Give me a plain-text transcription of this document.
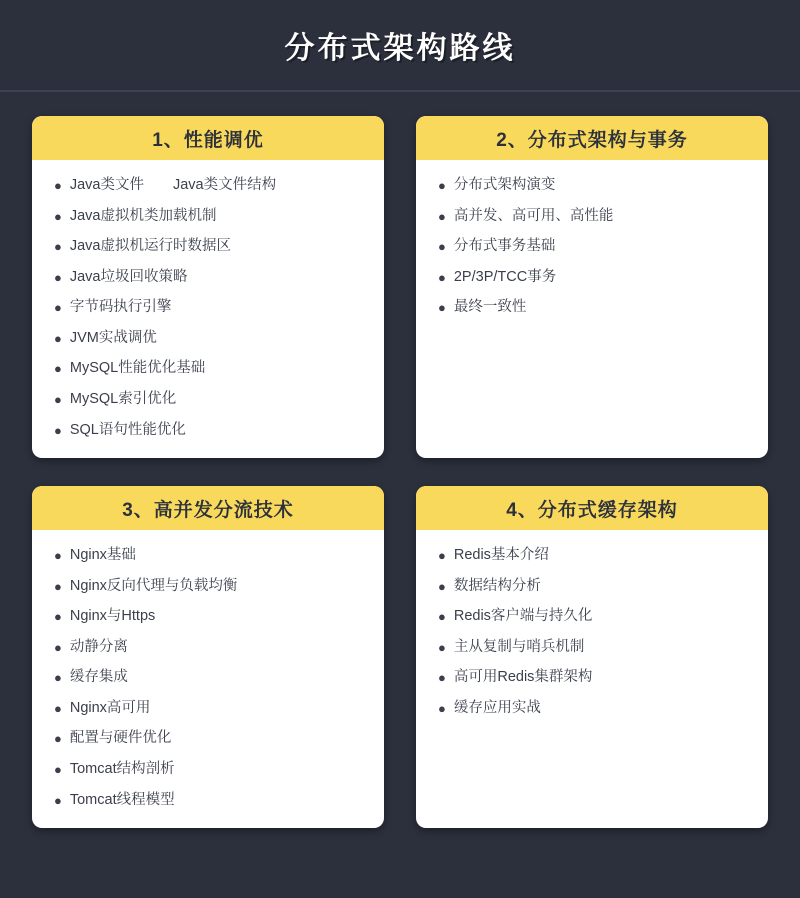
分布式架构路线
1、性能调优
● Java类文件　　Java类文件结构
● Java虚拟机类加载机制
● Java虚拟机运行时数据区
● Java垃圾回收策略
● 字节码执行引擎
● JVM实战调优
● MySQL性能优化基础
● MySQL索引优化
● SQL语句性能优化
2、分布式架构与事务
● 分布式架构演变
● 高并发、高可用、高性能
● 分布式事务基础
● 2P/3P/TCC事务
● 最终一致性
3、高并发分流技术
● Nginx基础
● Nginx反向代理与负载均衡
● Nginx与Https
● 动静分离
● 缓存集成
● Nginx高可用
● 配置与硬件优化
● Tomcat结构剖析
● Tomcat线程模型
4、分布式缓存架构
● Redis基本介绍
● 数据结构分析
● Redis客户端与持久化
● 主从复制与哨兵机制
● 高可用Redis集群架构
● 缓存应用实战
